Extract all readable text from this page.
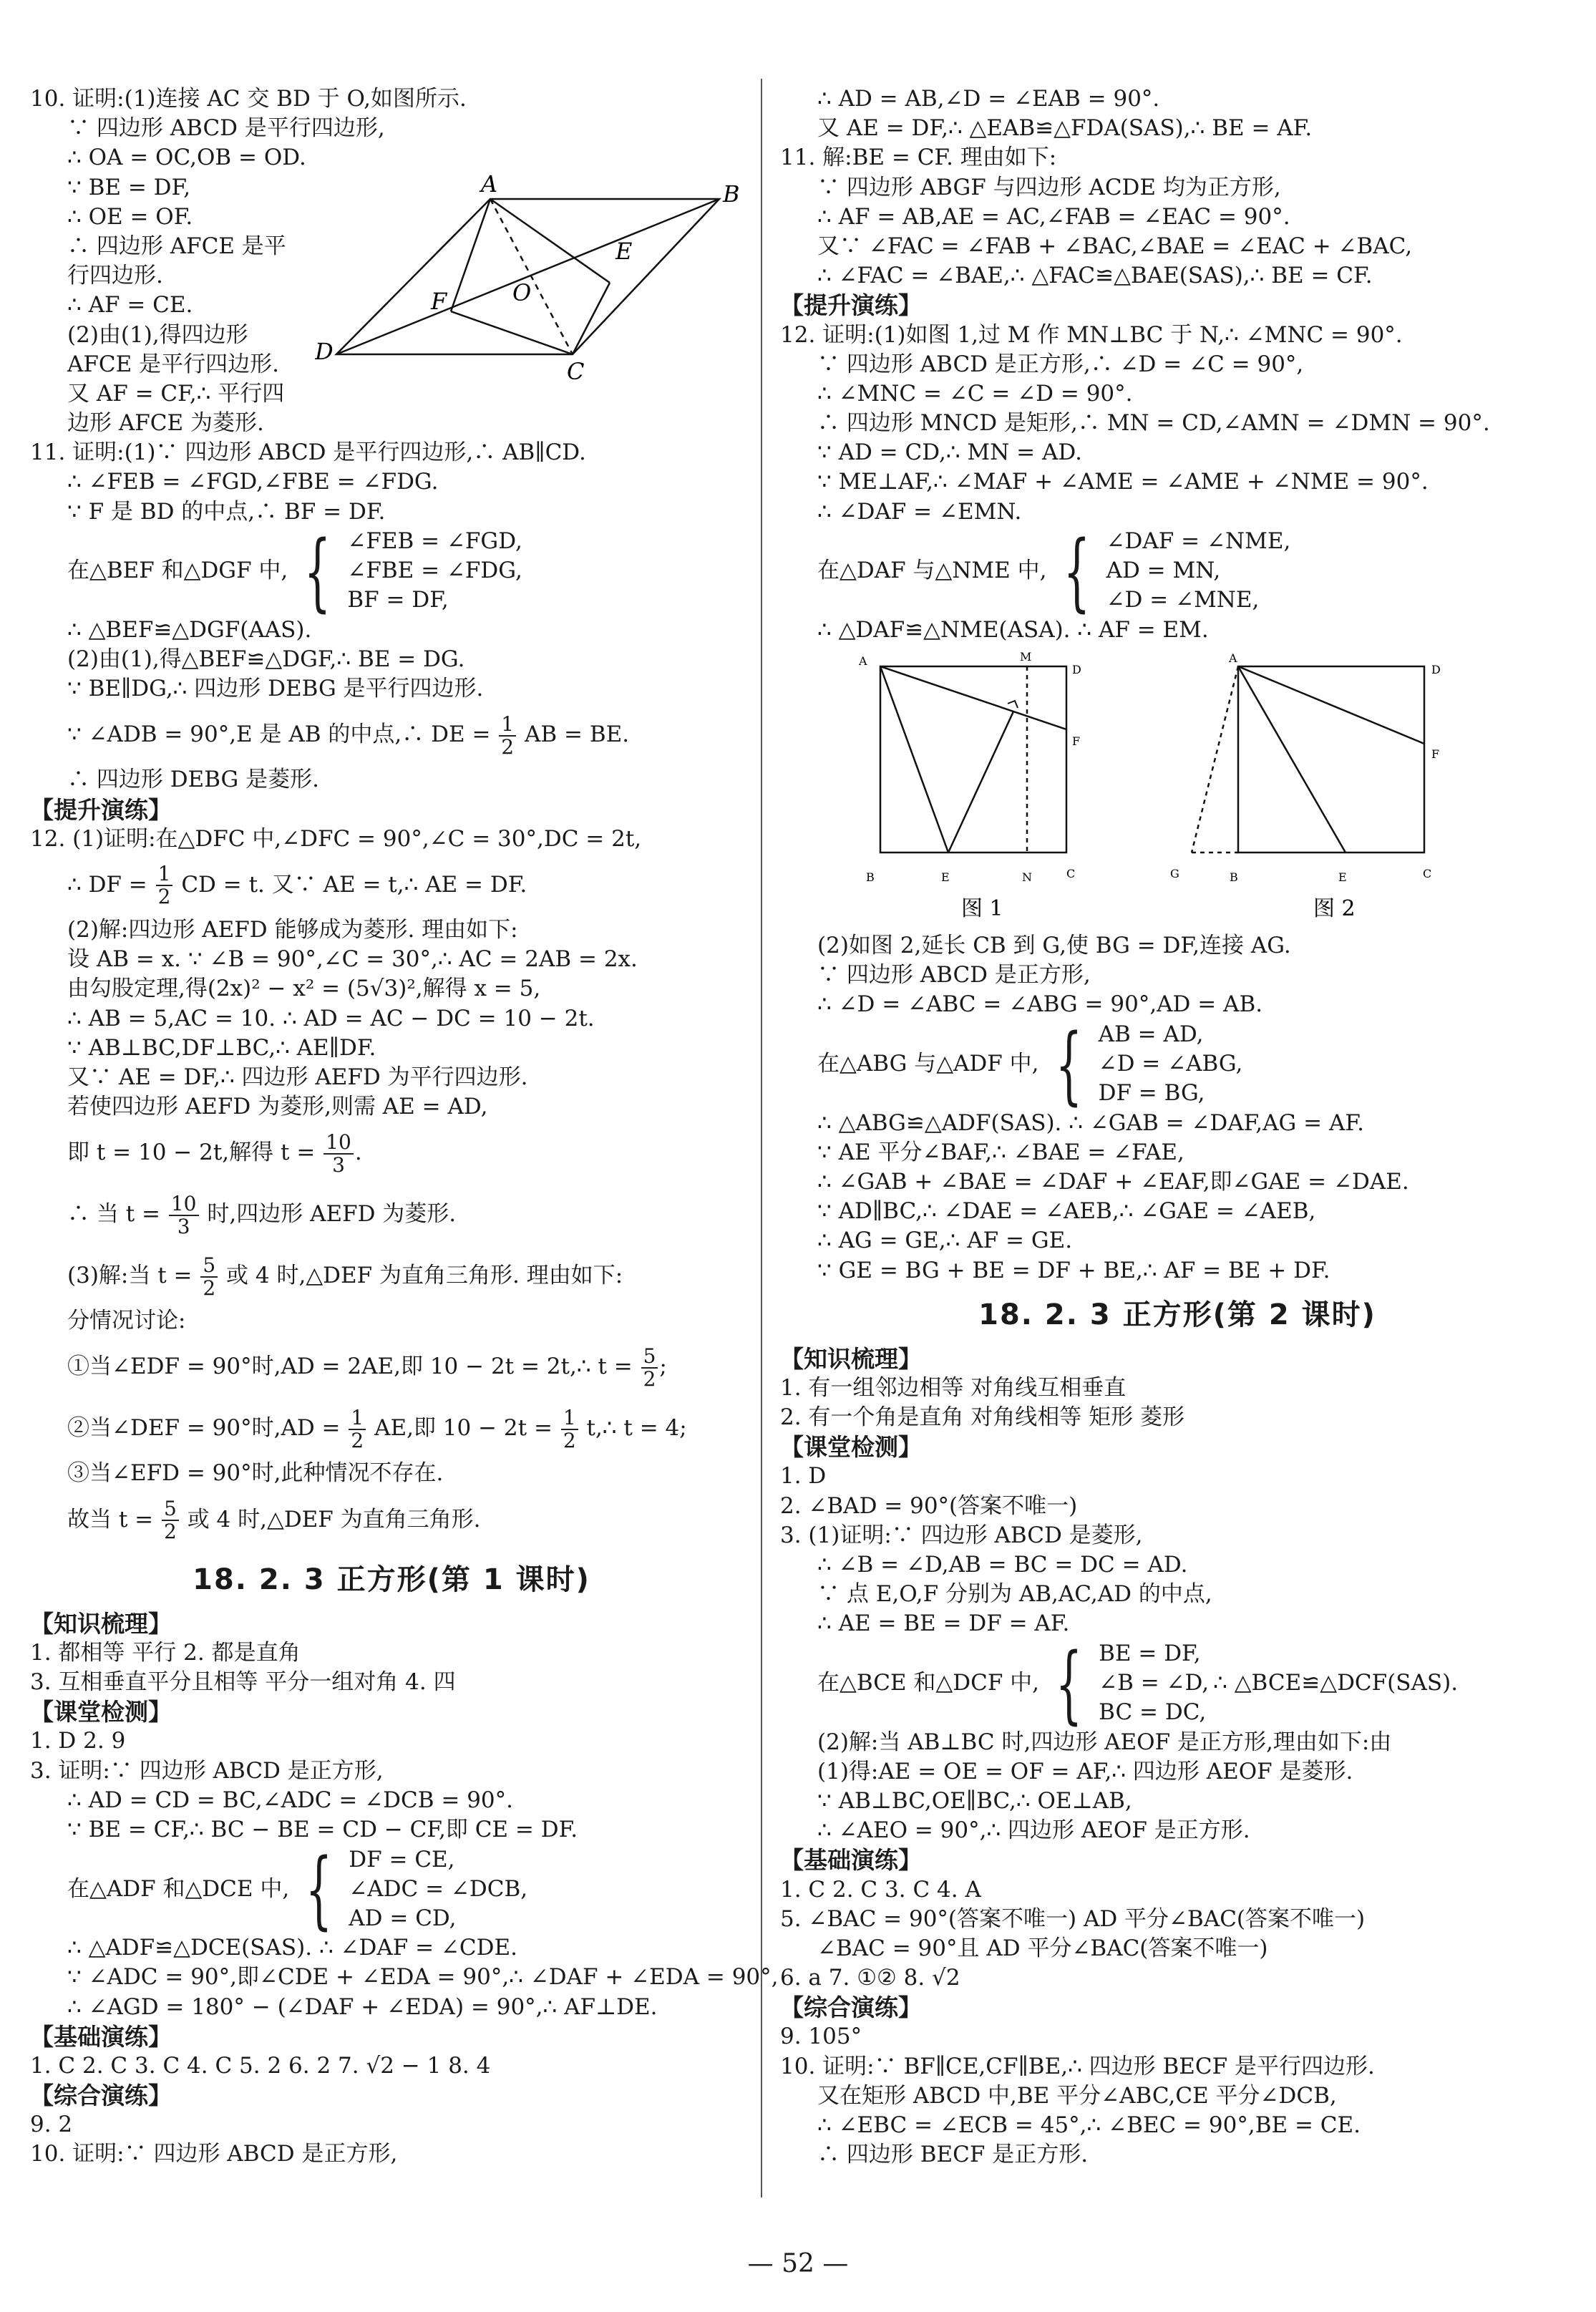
10. 证明:(1)连接 AC 交 BD 于 O,如图所示.
∵ 四边形 ABCD 是平行四边形,
∴ OA = OC,OB = OD.
∵ BE = DF,
∴ OE = OF.
∴ 四边形 AFCE 是平
行四边形.
∴ AF = CE.
(2)由(1),得四边形
AFCE 是平行四边形.
又 AF = CF,∴ 平行四
边形 AFCE 为菱形.
11. 证明:(1)∵ 四边形 ABCD 是平行四边形,∴ AB∥CD.
∴ ∠FEB = ∠FGD,∠FBE = ∠FDG.
∵ F 是 BD 的中点,∴ BF = DF.
在△BEF 和△DGF 中, { ∠FEB = ∠FGD,
∠FBE = ∠FDG,
BF = DF,
∴ △BEF≌△DGF(AAS).
(2)由(1),得△BEF≌△DGF,∴ BE = DG.
∵ BE∥DG,∴ 四边形 DEBG 是平行四边形.
∵ ∠ADB = 90°,E 是 AB 的中点,∴ DE = $\frac{1}{2}$ AB = BE.
∴ 四边形 DEBG 是菱形.
【提升演练】
12. (1)证明:在△DFC 中,∠DFC = 90°,∠C = 30°,DC = 2t,
∴ DF = $\frac{1}{2}$ CD = t. 又∵ AE = t,∴ AE = DF.
(2)解:四边形 AEFD 能够成为菱形. 理由如下:
设 AB = x. ∵ ∠B = 90°,∠C = 30°,∴ AC = 2AB = 2x.
由勾股定理,得(2x)² − x² = (5√3)²,解得 x = 5,
∴ AB = 5,AC = 10. ∴ AD = AC − DC = 10 − 2t.
∵ AB⊥BC,DF⊥BC,∴ AE∥DF.
又∵ AE = DF,∴ 四边形 AEFD 为平行四边形.
若使四边形 AEFD 为菱形,则需 AE = AD,
即 t = 10 − 2t,解得 $t = \frac{10}{3}$ .
∴ 当 $t = \frac{10}{3}$ 时,四边形 AEFD 为菱形.
(3)解:当 $t = \frac{5}{2}$ 或 4 时,△DEF 为直角三角形. 理由如下:
分情况讨论:
①当∠EDF = 90°时,AD = 2AE,即 10 − 2t = 2t,∴ $t = \frac{5}{2}$ ;
②当∠DEF = 90°时$,AD = \frac{1}{2}$ AE,即 $10 - 2t = \frac{1}{2}$ t,∴ t = 4;
③当∠EFD = 90°时,此种情况不存在.
故当 $t = \frac{5}{2}$ 或 4 时,△DEF 为直角三角形.
18. 2. 3 正方形(第 1 课时)
【知识梳理】
1. 都相等 平行 2. 都是直角
3. 互相垂直平分且相等 平分一组对角 4. 四
【课堂检测】
1. D 2. 9
3. 证明:∵ 四边形 ABCD 是正方形,
∴ AD = CD = BC,∠ADC = ∠DCB = 90°.
∵ BE = CF,∴ BC − BE = CD − CF,即 CE = DF.
在△ADF 和△DCE 中, { DF = CE,
∠ADC = ∠DCB,
AD = CD,
∴ △ADF≌△DCE(SAS). ∴ ∠DAF = ∠CDE.
∵ ∠ADC = 90°,即∠CDE + ∠EDA = 90°,∴ ∠DAF + ∠EDA = 90°,
∴ ∠AGD = 180° − (∠DAF + ∠EDA) = 90°,∴ AF⊥DE.
【基础演练】
1. C 2. C 3. C 4. C 5. 2 6. 2 7. √2 − 1 8. 4
【综合演练】
9. 2
10. 证明:∵ 四边形 ABCD 是正方形,
A	B
C
D
E
F	O
∴ AD = AB,∠D = ∠EAB = 90°.
又 AE = DF,∴ △EAB≌△FDA(SAS),∴ BE = AF.
11. 解:BE = CF. 理由如下:
∵ 四边形 ABGF 与四边形 ACDE 均为正方形,
∴ AF = AB,AE = AC,∠FAB = ∠EAC = 90°.
又∵ ∠FAC = ∠FAB + ∠BAC,∠BAE = ∠EAC + ∠BAC,
∴ ∠FAC = ∠BAE,∴ △FAC≌△BAE(SAS),∴ BE = CF.
【提升演练】
12. 证明:(1)如图 1,过 M 作 MN⊥BC 于 N,∴ ∠MNC = 90°.
∵ 四边形 ABCD 是正方形,∴ ∠D = ∠C = 90°,
∴ ∠MNC = ∠C = ∠D = 90°.
∴ 四边形 MNCD 是矩形,∴ MN = CD,∠AMN = ∠DMN = 90°.
∵ AD = CD,∴ MN = AD.
∵ ME⊥AF,∴ ∠MAF + ∠AME = ∠AME + ∠NME = 90°.
∴ ∠DAF = ∠EMN.
在△DAF 与△NME 中, { ∠DAF = ∠NME,
AD = MN,
∠D = ∠MNE,
∴ △DAF≌△NME(ASA). ∴ AF = EM.
A	M
D
F
B	E	N	C
A
D
F
G	B	E	C
图 1	图 2
(2)如图 2,延长 CB 到 G,使 BG = DF,连接 AG.
∵ 四边形 ABCD 是正方形,
∴ ∠D = ∠ABC = ∠ABG = 90°,AD = AB.
在△ABG 与△ADF 中, { AB = AD,
∠D = ∠ABG,
DF = BG,
∴ △ABG≌△ADF(SAS). ∴ ∠GAB = ∠DAF,AG = AF.
∵ AE 平分∠BAF,∴ ∠BAE = ∠FAE,
∴ ∠GAB + ∠BAE = ∠DAF + ∠EAF,即∠GAE = ∠DAE.
∵ AD∥BC,∴ ∠DAE = ∠AEB,∴ ∠GAE = ∠AEB,
∴ AG = GE,∴ AF = GE.
∵ GE = BG + BE = DF + BE,∴ AF = BE + DF.
18. 2. 3 正方形(第 2 课时)
【知识梳理】
1. 有一组邻边相等 对角线互相垂直
2. 有一个角是直角 对角线相等 矩形 菱形
【课堂检测】
1. D
2. ∠BAD = 90°(答案不唯一)
3. (1)证明:∵ 四边形 ABCD 是菱形,
∴ ∠B = ∠D,AB = BC = DC = AD.
∵ 点 E,O,F 分别为 AB,AC,AD 的中点,
∴ AE = BE = DF = AF.
在△BCE 和△DCF 中, { BE = DF,
∠B = ∠D,
BC = DC,
∴ △BCE≌△DCF(SAS).
(2)解:当 AB⊥BC 时,四边形 AEOF 是正方形,理由如下:由
(1)得:AE = OE = OF = AF,∴ 四边形 AEOF 是菱形.
∵ AB⊥BC,OE∥BC,∴ OE⊥AB,
∴ ∠AEO = 90°,∴ 四边形 AEOF 是正方形.
【基础演练】
1. C 2. C 3. C 4. A
5. ∠BAC = 90°(答案不唯一) AD 平分∠BAC(答案不唯一)
∠BAC = 90°且 AD 平分∠BAC(答案不唯一)
6. a 7. ①② 8. √2
【综合演练】
9. 105°
10. 证明:∵ BF∥CE,CF∥BE,∴ 四边形 BECF 是平行四边形.
又在矩形 ABCD 中,BE 平分∠ABC,CE 平分∠DCB,
∴ ∠EBC = ∠ECB = 45°,∴ ∠BEC = 90°,BE = CE.
∴ 四边形 BECF 是正方形.
— 52 —
